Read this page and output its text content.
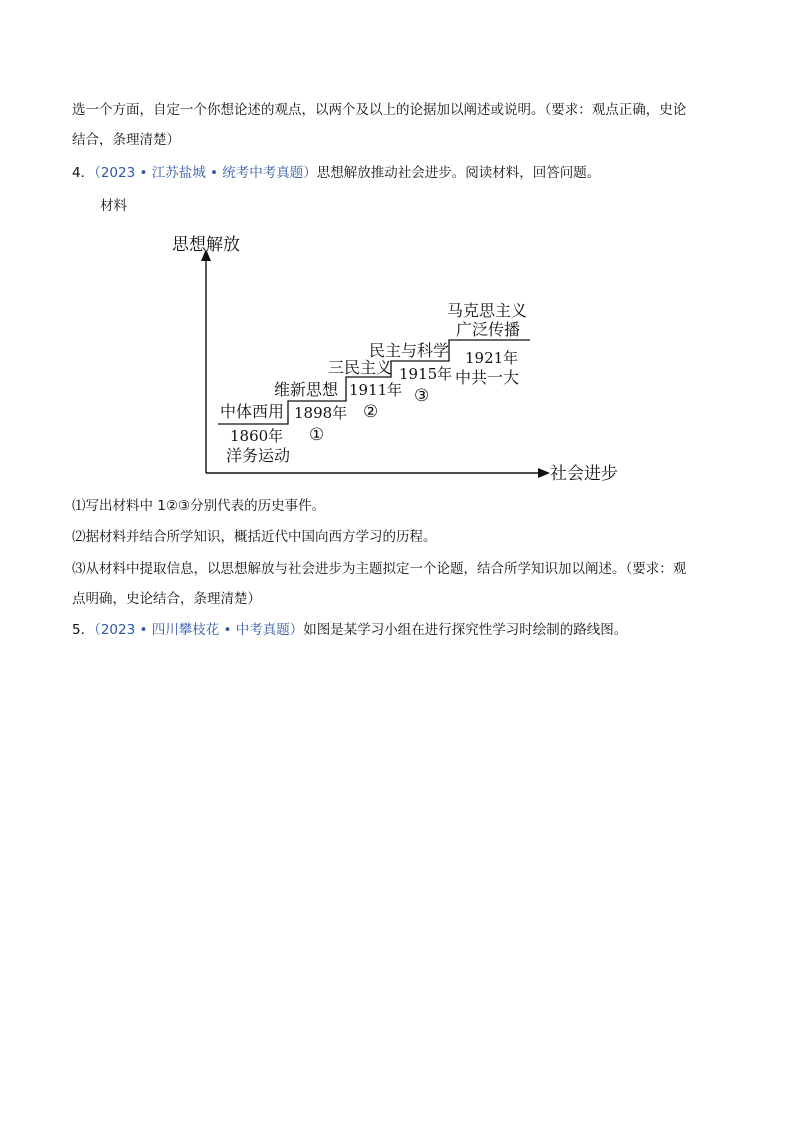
选一个方面，自定一个你想论述的观点，以两个及以上的论据加以阐述或说明。（要求：观点正确，史论
结合，条理清楚）
4．（2023 • 江苏盐城 • 统考中考真题）思想解放推动社会进步。阅读材料，回答问题。
材料
思想解放
社会进步
中体西用
1860年
洋务运动
维新思想
1898年
①
三民主义
1911年
②
民主与科学
1915年
③
马克思主义
广泛传播
1921年
中共一大
⑴写出材料中 1②③分别代表的历史事件。
⑵据材料并结合所学知识，概括近代中国向西方学习的历程。
⑶从材料中提取信息，以思想解放与社会进步为主题拟定一个论题，结合所学知识加以阐述。（要求：观
点明确，史论结合，条理清楚）
5．（2023 • 四川攀枝花 • 中考真题）如图是某学习小组在进行探究性学习时绘制的路线图。
